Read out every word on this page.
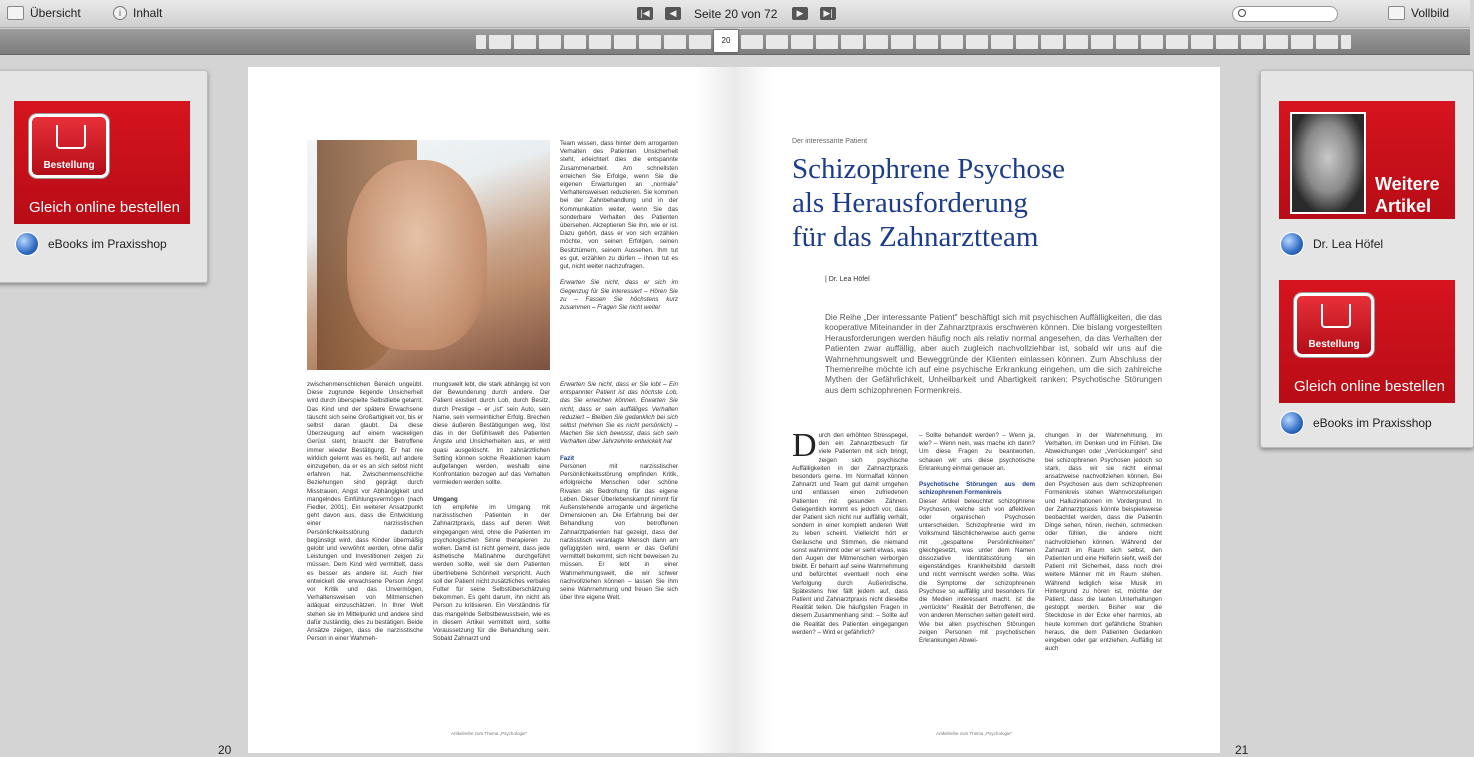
Übersicht	i	Inhalt	|◀	◀	Seite 20 von 72	▶	▶|	Vollbild
20
Bestellung
Gleich online bestellen
eBooks im Praxisshop
Team wissen, dass hinter dem arroganten Verhalten des Patienten Unsicherheit steht, erleichtert dies die entspannte Zusammenarbeit. Am schnellsten erreichen Sie Erfolge, wenn Sie die eigenen Erwartungen an „normale" Verhaltensweisen reduzieren. Sie kommen bei der Zahnbehandlung und in der Kommunikation weiter, wenn Sie das sonderbare Verhalten des Patienten übersehen. Akzeptieren Sie ihn, wie er ist. Dazu gehört, dass er von sich erzählen möchte, von seinen Erfolgen, seinen Besitztümern, seinem Aussehen. Ihm tut es gut, erzählen zu dürfen – Ihnen tut es gut, nicht weiter nachzufragen.

Erwarten Sie nicht, dass er sich im Gegenzug für Sie interessiert – Hören Sie zu – Fassen Sie höchstens kurz zusammen – Fragen Sie nicht weiter
zwischenmenschlichen Bereich ungeübt. Diese zugrunde liegende Unsicherheit wird durch überspielte Selbstliebe getarnt. Das Kind und der spätere Erwachsene täuscht sich seine Großartigkeit vor, bis er selbst daran glaubt. Da diese Überzeugung auf einem wackeligen Gerüst steht, braucht der Betroffene immer wieder Bestätigung. Er hat nie wirklich gelernt was es heißt, auf andere einzugehen, da er es an sich selbst nicht erfahren hat. Zwischenmenschliche Beziehungen sind geprägt durch Misstrauen, Angst vor Abhängigkeit und mangelndes Einfühlungsvermögen (nach Fiedler, 2001). Ein weiterer Ansatzpunkt geht davon aus, dass die Entwicklung einer narzisstischen Persönlichkeitsstörung dadurch begünstigt wird, dass Kinder übermäßig gelobt und verwöhnt werden, ohne dafür Leistungen und Investitionen zeigen zu müssen. Dem Kind wird vermittelt, dass es besser als andere ist. Auch hier entwickelt die erwachsene Person Angst vor Kritik und das Unvermögen, Verhaltensweisen von Mitmenschen adäquat einzuschätzen. In Ihrer Welt stehen sie im Mittelpunkt und andere sind dafür zuständig, dies zu bestätigen. Beide Ansätze zeigen, dass die narzisstische Person in einer Wahrneh-
mungswelt lebt, die stark abhängig ist von der Bewunderung durch andere. Der Patient existiert durch Lob, durch Besitz, durch Prestige – er „ist" sein Auto, sein Name, sein vermeintlicher Erfolg. Brechen diese äußeren Bestätigungen weg, löst das in der Gefühlswelt des Patienten Ängste und Unsicherheiten aus, er wird quasi ausgelöscht. Im zahnärztlichen Setting können solche Reaktionen kaum aufgefangen werden, weshalb eine Konfrontation bezogen auf das Verhalten vermieden werden sollte.

Umgang
Ich empfehle im Umgang mit narzisstischen Patienten in der Zahnarztpraxis, dass auf deren Welt eingegangen wird, ohne die Patienten im psychologischen Sinne therapieren zu wollen. Damit ist nicht gemeint, dass jede ästhetische Maßnahme durchgeführt werden sollte, weil sie dem Patienten übertriebene Schönheit verspricht. Auch soll der Patient nicht zusätzliches verbales Futter für seine Selbstüberschätzung bekommen. Es geht darum, ihn nicht als Person zu kritisieren. Ein Verständnis für das mangelnde Selbstbewusstsein, wie es in diesem Artikel vermittelt wird, sollte Voraussetzung für die Behandlung sein. Sobald Zahnarzt und
Erwarten Sie nicht, dass er Sie lobt – Ein entspannter Patient ist das höchste Lob, das Sie erreichen können. Erwarten Sie nicht, dass er sein auffälliges Verhalten reduziert – Bleiben Sie gedanklich bei sich selbst (nehmen Sie es nicht persönlich) – Machen Sie sich bewusst, dass sich sein Verhalten über Jahrzehnte entwickelt hat

Fazit
Personen mit narzisstischer Persönlichkeitsstörung empfinden Kritik, erfolgreiche Menschen oder schöne Rivalen als Bedrohung für das eigene Leben. Dieser Überlebenskampf nimmt für Außenstehende arrogante und ärgerliche Dimensionen an. Die Erfahrung bei der Behandlung von betroffenen Zahnarztpatienten hat gezeigt, dass der narzisstisch veranlagte Mensch dann am gefügigsten wird, wenn er das Gefühl vermittelt bekommt, sich nicht beweisen zu müssen. Er lebt in einer Wahrnehmungswelt, die wir schwer nachvollziehen können – lassen Sie ihm seine Wahrnehmung und freuen Sie sich über Ihre eigene Welt.
Artikelreihe zum Thema „Psychologie"
20
Der interessante Patient
Schizophrene Psychose
als Herausforderung
für das Zahnarztteam
| Dr. Lea Höfel
Die Reihe „Der interessante Patient" beschäftigt sich mit psychischen Auffälligkeiten, die das kooperative Miteinander in der Zahnarztpraxis erschweren können. Die bislang vorgestellten Herausforderungen werden häufig noch als relativ normal angesehen, da das Verhalten der Patienten zwar auffällig, aber auch zugleich nachvollziehbar ist, sobald wir uns auf die Wahrnehmungswelt und Beweggründe der Klienten einlassen können. Zum Abschluss der Themenreihe möchte ich auf eine psychische Erkrankung eingehen, um die sich zahlreiche Mythen der Gefährlichkeit, Unheilbarkeit und Abartigkeit ranken: Psychotische Störungen aus dem schizophrenen Formenkreis.
D urch den erhöhten Stresspegel, den ein Zahnarztbesuch für viele Patienten mit sich bringt, zeigen sich psychische Auffälligkeiten in der Zahnarztpraxis besonders gerne. Im Normalfall können Zahnarzt und Team gut damit umgehen und entlassen einen zufriedenen Patienten mit gesunden Zähnen. Gelegentlich kommt es jedoch vor, dass der Patient sich nicht nur auffällig verhält, sondern in einer komplett anderen Welt zu leben scheint. Vielleicht hört er Geräusche und Stimmen, die niemand sonst wahrnimmt oder er sieht etwas, was den Augen der Mitmenschen verborgen bleibt. Er beharrt auf seine Wahrnehmung und befürchtet eventuell noch eine Verfolgung durch Außerirdische. Spätestens hier fällt jedem auf, dass Patient und Zahnarztpraxis nicht dieselbe Realität teilen. Die häufigsten Fragen in diesem Zusammenhang sind: – Sollte auf die Realität des Patienten eingegangen werden? – Wird er gefährlich?
– Sollte behandelt werden? – Wenn ja, wie? – Wenn nein, was mache ich dann? Um diese Fragen zu beantworten, schauen wir uns diese psychotische Erkrankung einmal genauer an.

Psychotische Störungen aus dem schizophrenen Formenkreis
Dieser Artikel beleuchtet schizophrene Psychosen, welche sich von affektiven oder organischen Psychosen unterscheiden. Schizophrenie wird im Volksmund fälschlicherweise auch gerne mit „gespaltene Persönlichkeiten" gleichgesetzt, was unter dem Namen dissoziative Identitätsstörung ein eigenständiges Krankheitsbild darstellt und nicht vermischt werden sollte. Was die Symptome der schizophrenen Psychose so auffällig und besonders für die Medien interessant macht, ist die „verrückte" Realität der Betroffenen, die von anderen Menschen selten geteilt wird. Wie bei allen psychischen Störungen zeigen Personen mit psychotischen Erkrankungen Abwei-
chungen in der Wahrnehmung, im Verhalten, im Denken und im Fühlen. Die Abweichungen oder „Verrückungen" sind bei schizophrenen Psychosen jedoch so stark, dass wir sie nicht einmal ansatzweise nachvollziehen können. Bei den Psychosen aus dem schizophrenen Formenkreis stehen Wahnvorstellungen und Halluzinationen im Vordergrund. In der Zahnarztpraxis könnte beispielsweise beobachtet werden, dass die Patientin Dinge sehen, hören, riechen, schmecken oder fühlen, die andere nicht nachvollziehen können. Während der Zahnarzt im Raum sich selbst, den Patienten und eine Helferin sieht, weiß der Patient mit Sicherheit, dass noch drei weitere Männer mit im Raum stehen. Während lediglich leise Musik im Hintergrund zu hören ist, möchte der Patient, dass die lauten Unterhaltungen gestoppt werden. Bisher war die Steckdose in der Ecke eher harmlos, ab heute kommen dort gefährliche Strahlen heraus, die dem Patienten Gedanken eingeben oder gar entziehen. Auffällig ist auch
Artikelreihe zum Thema „Psychologie"
21
Weitere
Artikel
Dr. Lea Höfel
Bestellung
Gleich online bestellen
eBooks im Praxisshop
